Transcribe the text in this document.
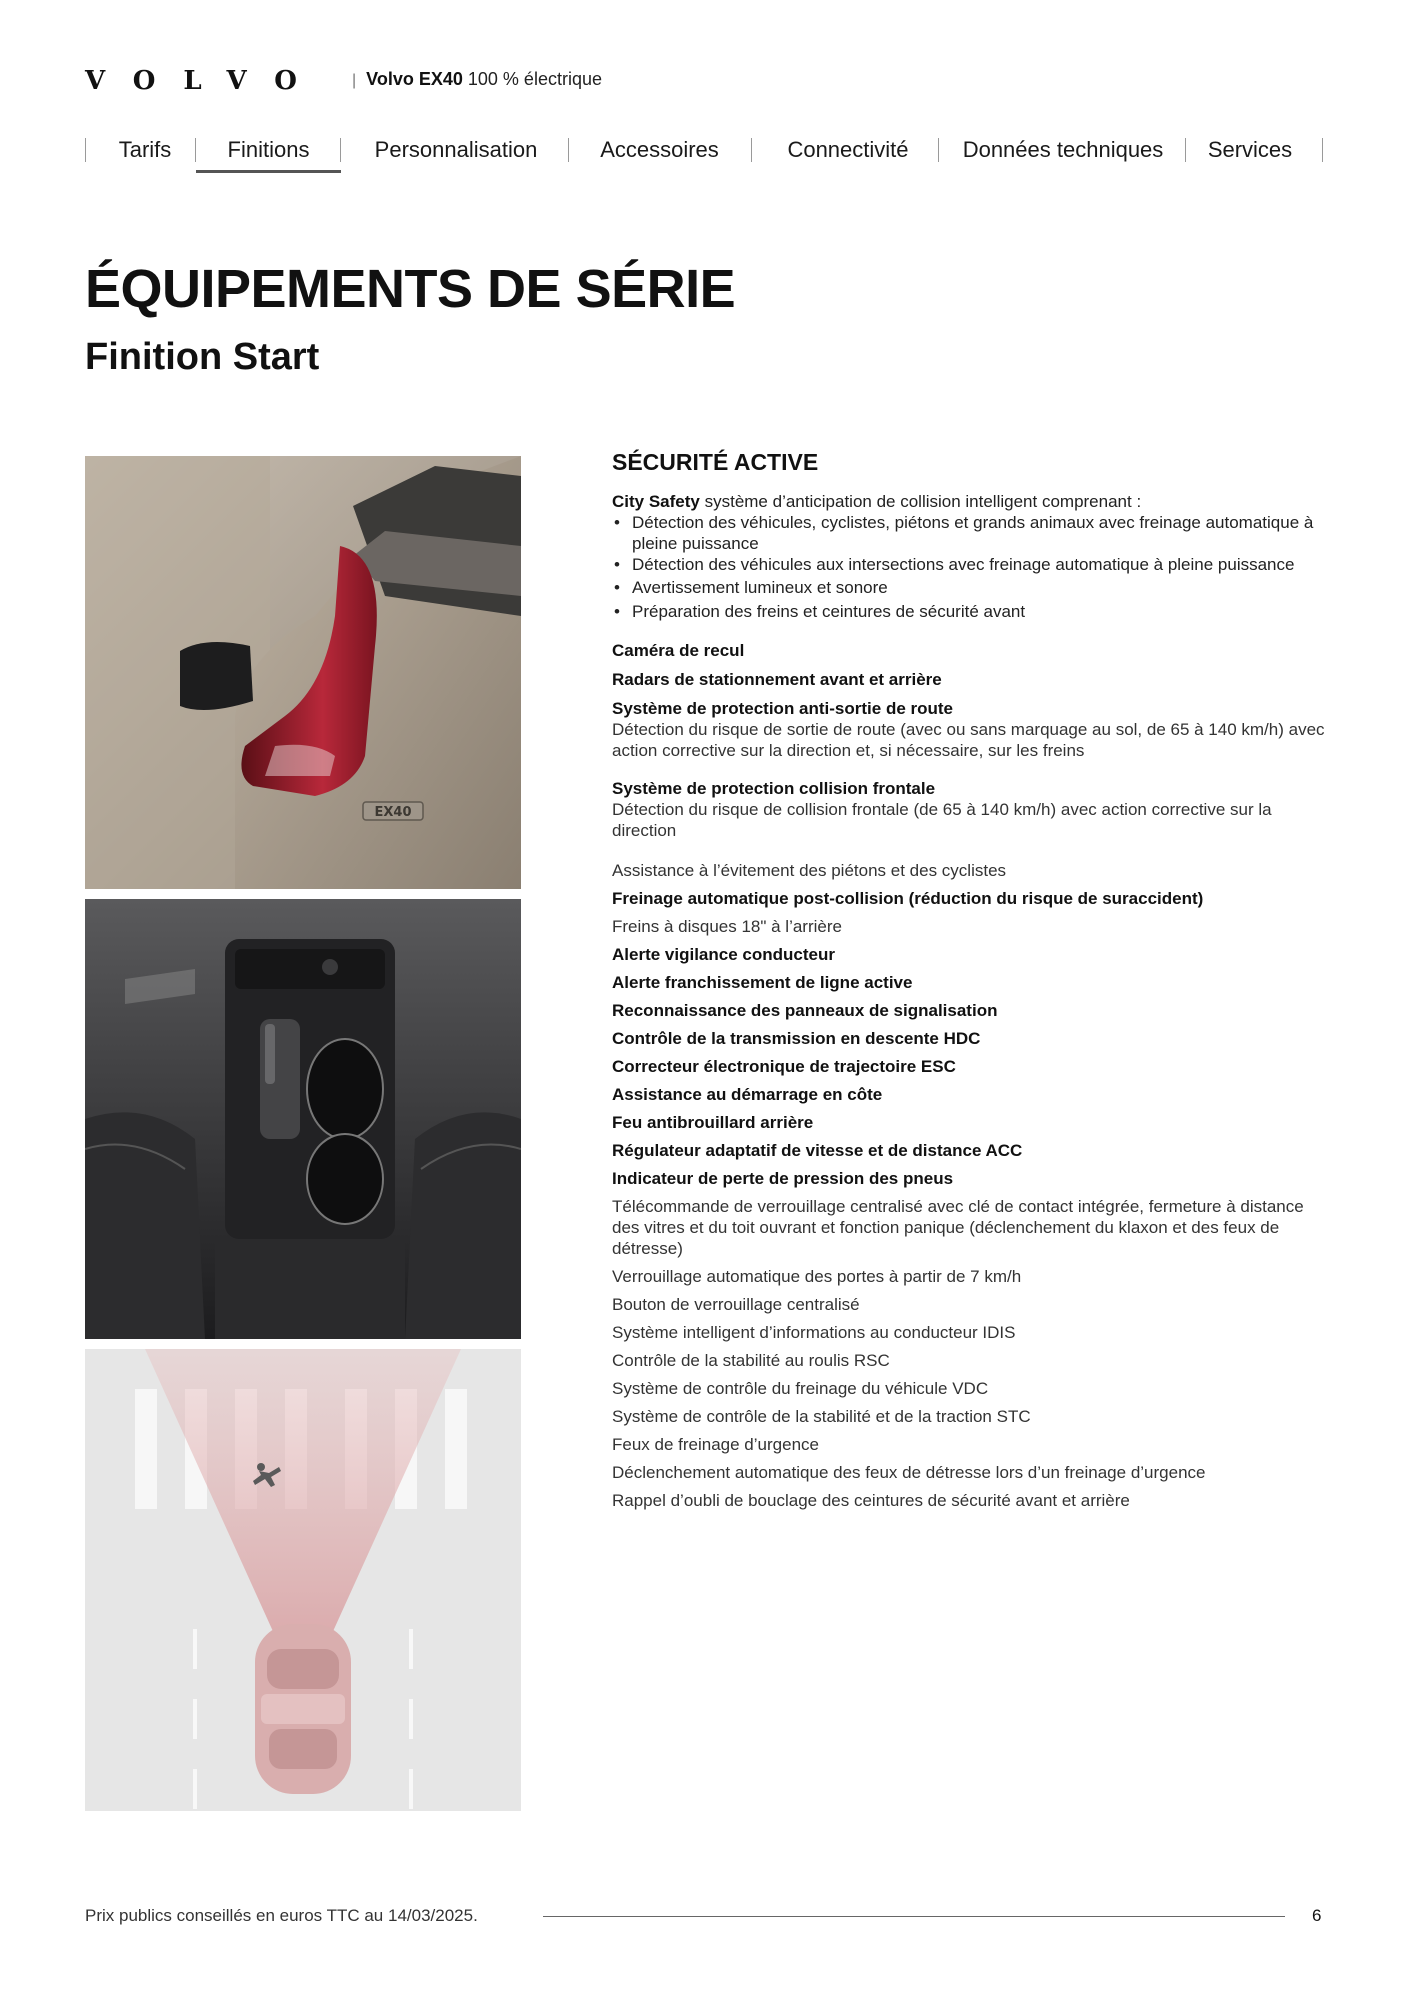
VOLVO | Volvo EX40 100 % électrique
Tarifs	Finitions	Personnalisation	Accessoires	Connectivité	Données techniques	Services
ÉQUIPEMENTS DE SÉRIE
Finition Start
EX40
SÉCURITÉ ACTIVE
City Safety système d’anticipation de collision intelligent comprenant :
• Détection des véhicules, cyclistes, piétons et grands animaux avec freinage automatique à pleine puissance
• Détection des véhicules aux intersections avec freinage automatique à pleine puissance
• Avertissement lumineux et sonore
• Préparation des freins et ceintures de sécurité avant
Caméra de recul
Radars de stationnement avant et arrière
Système de protection anti-sortie de route
Détection du risque de sortie de route (avec ou sans marquage au sol, de 65 à 140 km/h) avec action corrective sur la direction et, si nécessaire, sur les freins
Système de protection collision frontale
Détection du risque de collision frontale (de 65 à 140 km/h) avec action corrective sur la direction
Assistance à l’évitement des piétons et des cyclistes
Freinage automatique post-collision (réduction du risque de suraccident)
Freins à disques 18" à l’arrière
Alerte vigilance conducteur
Alerte franchissement de ligne active
Reconnaissance des panneaux de signalisation
Contrôle de la transmission en descente HDC
Correcteur électronique de trajectoire ESC
Assistance au démarrage en côte
Feu antibrouillard arrière
Régulateur adaptatif de vitesse et de distance ACC
Indicateur de perte de pression des pneus
Télécommande de verrouillage centralisé avec clé de contact intégrée, fermeture à distance des vitres et du toit ouvrant et fonction panique (déclenchement du klaxon et des feux de détresse)
Verrouillage automatique des portes à partir de 7 km/h
Bouton de verrouillage centralisé
Système intelligent d’informations au conducteur IDIS
Contrôle de la stabilité au roulis RSC
Système de contrôle du freinage du véhicule VDC
Système de contrôle de la stabilité et de la traction STC
Feux de freinage d’urgence
Déclenchement automatique des feux de détresse lors d’un freinage d’urgence
Rappel d’oubli de bouclage des ceintures de sécurité avant et arrière
Prix publics conseillés en euros TTC au 14/03/2025.	6
